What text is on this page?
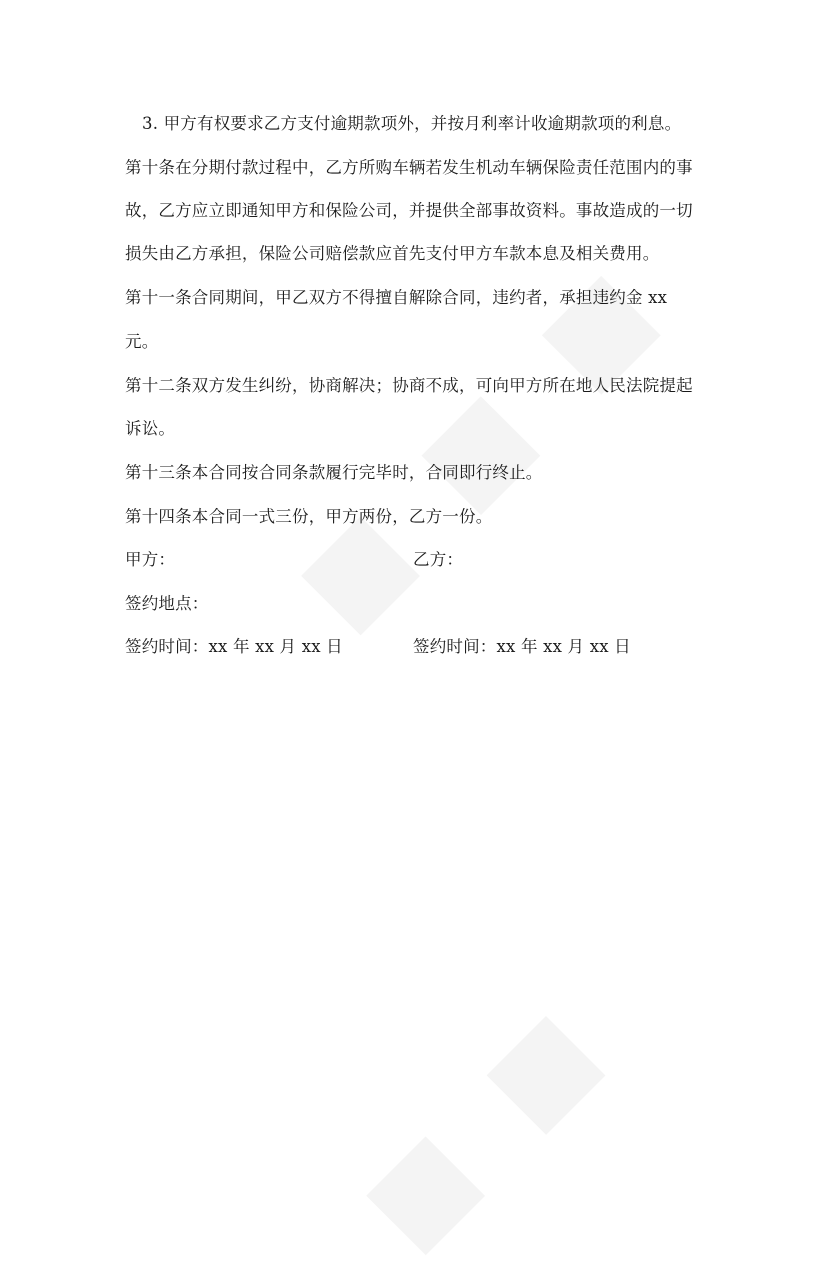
3. 甲方有权要求乙方支付逾期款项外，并按月利率计收逾期款项的利息。
第十条在分期付款过程中，乙方所购车辆若发生机动车辆保险责任范围内的事
故，乙方应立即通知甲方和保险公司，并提供全部事故资料。事故造成的一切
损失由乙方承担，保险公司赔偿款应首先支付甲方车款本息及相关费用。
第十一条合同期间，甲乙双方不得擅自解除合同，违约者，承担违约金 xx
元。
第十二条双方发生纠纷，协商解决；协商不成，可向甲方所在地人民法院提起
诉讼。
第十三条本合同按合同条款履行完毕时，合同即行终止。
第十四条本合同一式三份，甲方两份，乙方一份。
甲方：	乙方：
签约地点：
签约时间：xx 年 xx 月 xx 日	签约时间：xx 年 xx 月 xx 日
